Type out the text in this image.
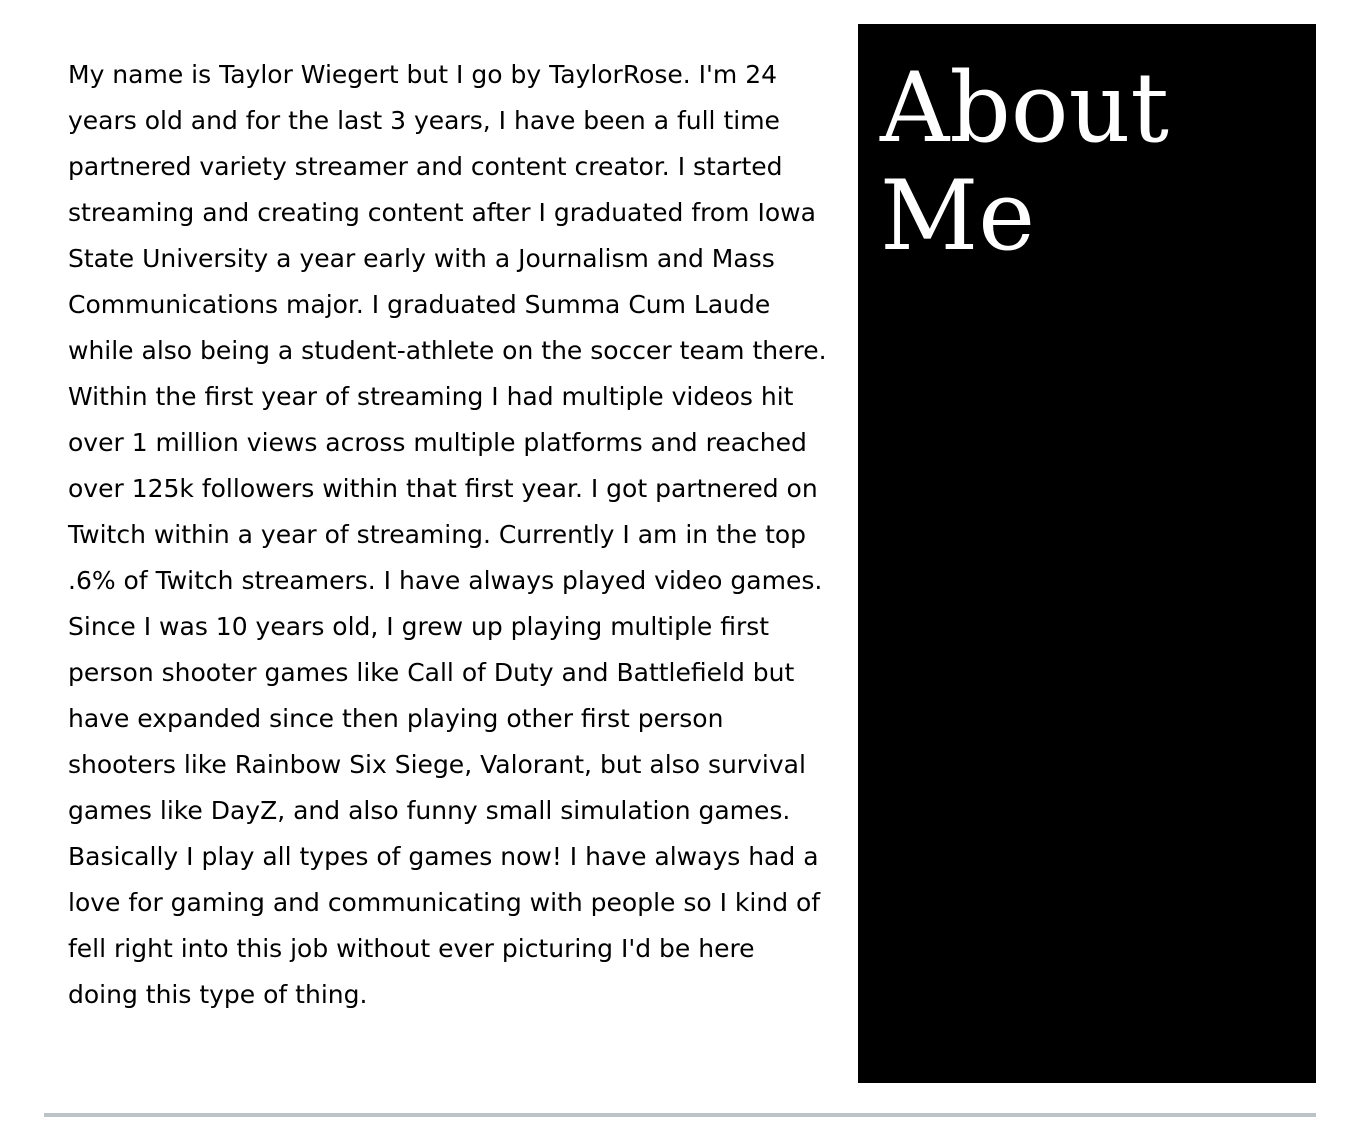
My name is Taylor Wiegert but I go by TaylorRose. I'm 24 years old and for the last 3 years, I have been a full time partnered variety streamer and content creator. I started streaming and creating content after I graduated from Iowa State University a year early with a Journalism and Mass Communications major. I graduated Summa Cum Laude while also being a student-athlete on the soccer team there. Within the first year of streaming I had multiple videos hit over 1 million views across multiple platforms and reached over 125k followers within that first year. I got partnered on Twitch within a year of streaming. Currently I am in the top .6% of Twitch streamers. I have always played video games. Since I was 10 years old, I grew up playing multiple first person shooter games like Call of Duty and Battlefield but have expanded since then playing other first person shooters like Rainbow Six Siege, Valorant, but also survival games like DayZ, and also funny small simulation games. Basically I play all types of games now! I have always had a love for gaming and communicating with people so I kind of fell right into this job without ever picturing I'd be here doing this type of thing.

About Me
